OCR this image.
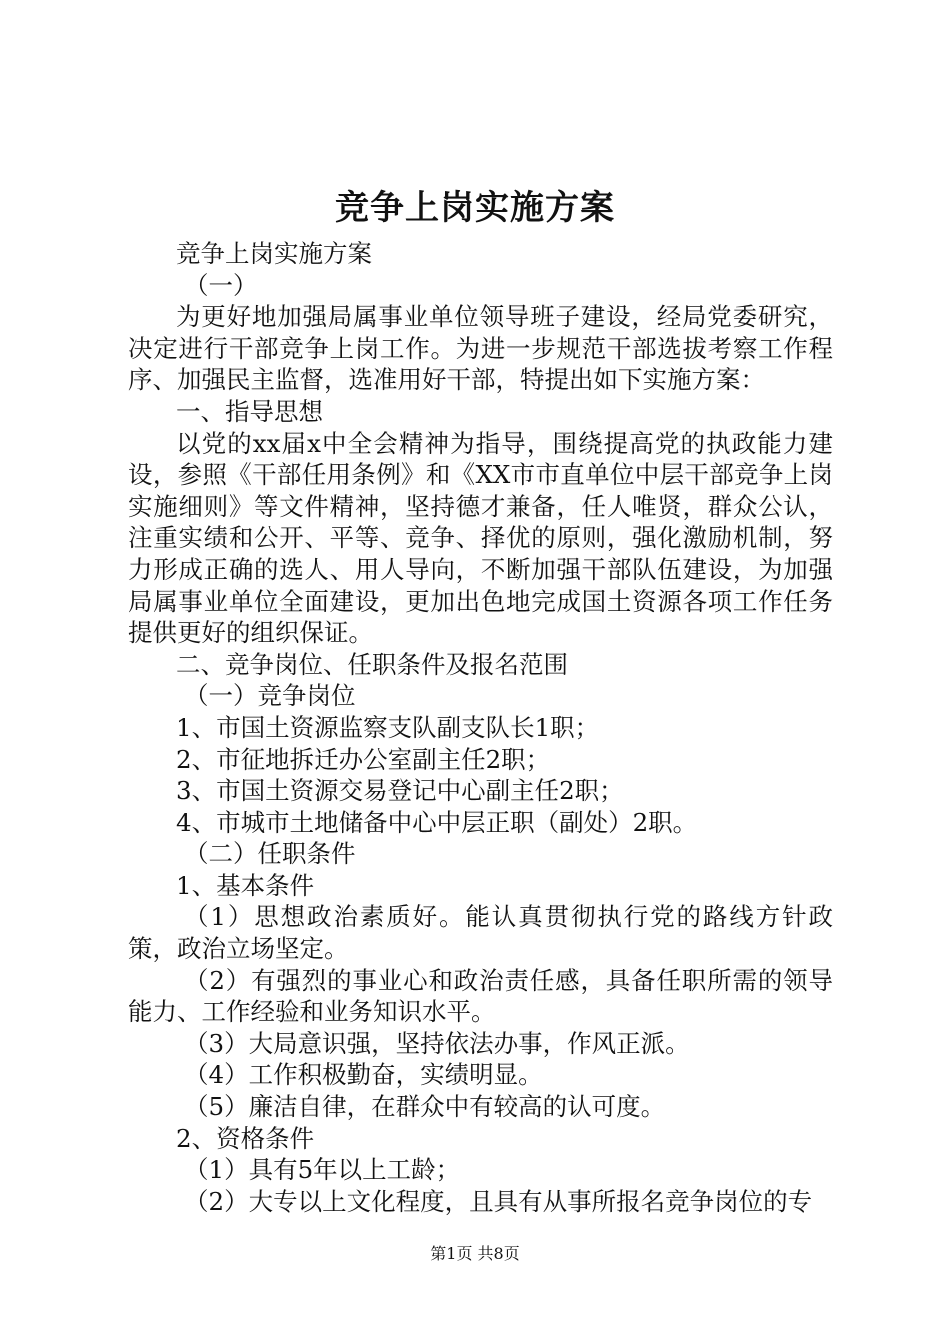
竞争上岗实施方案

竞争上岗实施方案

（一）

为更好地加强局属事业单位领导班子建设，经局党委研究，决定进行干部竞争上岗工作。为进一步规范干部选拔考察工作程序、加强民主监督，选准用好干部，特提出如下实施方案：

一、指导思想

以党的xx届x中全会精神为指导，围绕提高党的执政能力建设，参照《干部任用条例》和《XX市市直单位中层干部竞争上岗实施细则》等文件精神，坚持德才兼备，任人唯贤，群众公认，注重实绩和公开、平等、竞争、择优的原则，强化激励机制，努力形成正确的选人、用人导向，不断加强干部队伍建设，为加强局属事业单位全面建设，更加出色地完成国土资源各项工作任务提供更好的组织保证。

二、竞争岗位、任职条件及报名范围

（一）竞争岗位

1、市国土资源监察支队副支队长1职；

2、市征地拆迁办公室副主任2职；

3、市国土资源交易登记中心副主任2职；

4、市城市土地储备中心中层正职（副处）2职。

（二）任职条件

1、基本条件

（1）思想政治素质好。能认真贯彻执行党的路线方针政策，政治立场坚定。

（2）有强烈的事业心和政治责任感，具备任职所需的领导能力、工作经验和业务知识水平。

（3）大局意识强，坚持依法办事，作风正派。

（4）工作积极勤奋，实绩明显。

（5）廉洁自律，在群众中有较高的认可度。

2、资格条件

（1）具有5年以上工龄；

（2）大专以上文化程度，且具有从事所报名竞争岗位的专

第1页 共8页
